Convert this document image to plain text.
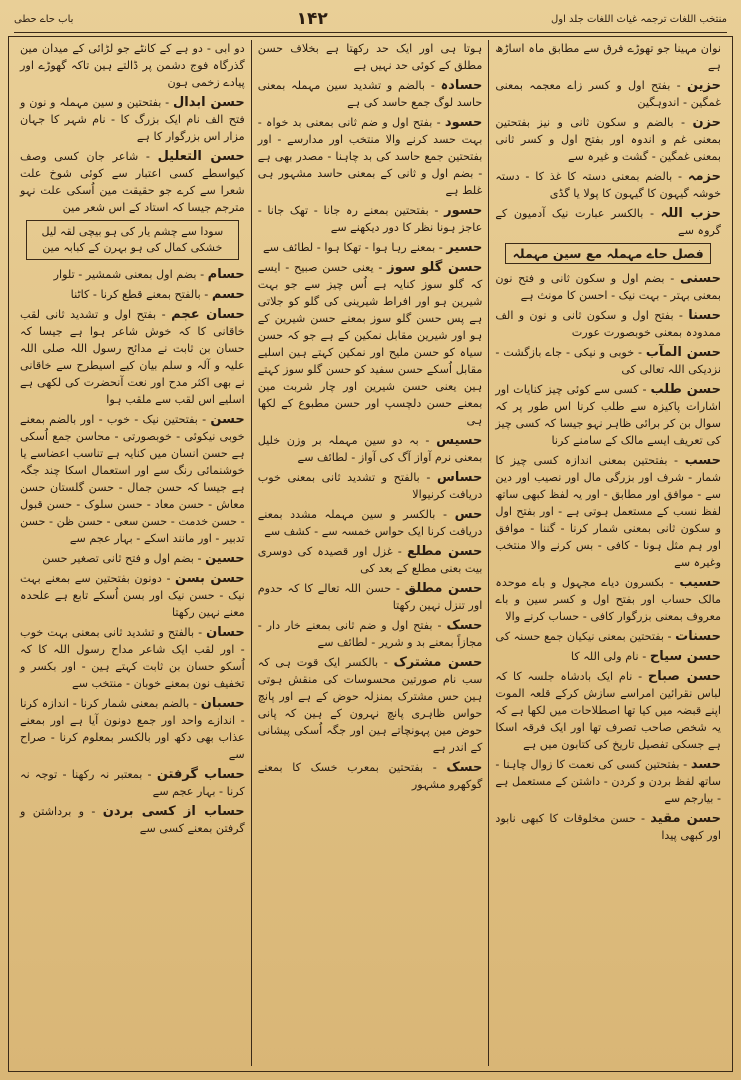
منتخب اللغات ترجمہ غیاث اللغات جلد اول
۱۴۲
باب حاے حطی

نوان مہینا جو تھوڑے فرق سے مطابق ماہ اساڑھ ہے

حزین - بفتح اول و کسر زاے معجمہ بمعنی غمگین - اندوہگین

حزن - بالضم و سکون ثانی و نیز بفتحتین بمعنی غم و اندوہ اور بفتح اول و کسر ثانی بمعنی غمگین - گشت و غیرہ سے

حزمہ - بالضم بمعنی دستہ کا غذ کا - دستہ خوشہ گیہون کا گیہون کا پولا یا گڈی

حزب اللہ - بالکسر عبارت نیک آدمیون کے گروہ سے

فصل حاے مہملہ مع سین مہملہ

حسنی - بضم اول و سکون ثانی و فتح نون بمعنی بہتر - بہت نیک - احسن کا مونث ہے

حسنا - بفتح اول و سکون ثانی و نون و الف ممدودہ بمعنی خوبصورت عورت

حسن المآب - خوبی و نیکی - جاے بازگشت - نزدیکی اللہ تعالی کی

حسن طلب - کسی سے کوئی چیز کنایات اور اشارات پاکیزہ سے طلب کرنا اس طور پر کہ سوال بن کر برائی ظاہر نہو جیسا کہ کسی چیز کی تعریف ایسے مالک کے سامنے کرنا

حسب - بفتحتین بمعنی اندازہ کسی چیز کا شمار - شرف اور بزرگی مال اور نصیب اور دین سے - موافق اور مطابق - اور یہ لفظ کبھی ساتھ لفظ نسب کے مستعمل ہوتی ہے - اور بفتح اول و سکون ثانی بمعنی شمار کرنا - گننا - موافق اور ہم مثل ہونا - کافی - بس کرنے والا منتخب وغیرہ سے

حسیب - بکسرون دیاے مجہول و باے موحدہ مالک حساب اور بفتح اول و کسر سین و باے معروف بمعنی بزرگوار کافی - حساب کرنے والا

حسنات - بفتحتین بمعنی نیکیان جمع حسنہ کی

حسن سیاح - نام ولی اللہ کا

حسن صباح - نام ایک بادشاہ جلسہ کا کہ لباس نقرائین امراسے سازش کرکے قلعہ الموت اپنے قبضہ میں کیا تھا اصطلاحات میں لکھا ہے کہ یہ شخص صاحب تصرف تھا اور ایک فرقہ اسکا ہے جسکی تفصیل تاریخ کی کتابون میں ہے

حسد - بفتحتین کسی کی نعمت کا زوال چاہنا - ساتھ لفظ بردن و کردن - داشتن کے مستعمل ہے - بیارجم سے

حسن مقید - حسن مخلوقات کا کبھی نابود اور کبھی پیدا

ہوتا ہی اور ایک حد رکھتا ہے بخلاف حسن مطلق کے کوئی حد نہیں ہے

حسادہ - بالضم و تشدید سین مہملہ بمعنی حاسد لوگ جمع حاسد کی ہے

حسود - بفتح اول و ضم ثانی بمعنی بد خواہ - بہت حسد کرنے والا منتخب اور مدارسے - اور بفتحتین جمع حاسد کی بد چاہنا - مصدر بھی ہے - بضم اول و ثانی کے بمعنی حاسد مشہور ہی غلط ہے

حسور - بفتحتین بمعنے رہ جانا - تھک جانا - عاجز ہونا نظر کا دور دیکھنے سے

حسیر - بمعنے رہا ہوا - تھکا ہوا - لطائف سے

حسن گلو سوز - یعنی حسن صبیح - ایسے کہ گلو سوز کنایہ ہے اُس چیز سے جو بہت شیرین ہو اور افراط شیرینی کی گلو کو جلاتی ہے پس حسن گلو سوز بمعنے حسن شیرین کے ہو اور شیرین مقابل نمکین کے ہے جو کہ حسن سیاہ کو حسن ملیح اور نمکین کہتے ہین اسلیے مقابل اُسکے حسن سفید کو حسن گلو سوز کہتے ہین یعنی حسن شیرین اور چار شربت مین بمعنے حسن دلچسپ اور حسن مطبوع کے لکھا ہی

حسیس - بہ دو سین مہملہ بر وزن خلیل بمعنی نرم آواز آگ کی آواز - لطائف سے

حساس - بالفتح و تشدید ثانی بمعنی خوب دریافت کرنیوالا

حس - بالکسر و سین مہملہ مشدد بمعنے دریافت کرنا ایک حواس خمسہ سے - کشف سے

حسن مطلع - غزل اور قصیدہ کی دوسری بیت بعنی مطلع کے بعد کی

حسن مطلق - حسن اللہ تعالے کا کہ حدوم اور تنزل نہین رکھتا

حسک - بفتح اول و ضم ثانی بمعنے خار دار - مجازاً بمعنے بد و شریر - لطائف سے

حسن مشترک - بالکسر ایک قوت ہی کہ سب نام صورتین محسوسات کی منقش ہوتی ہین حس مشترک بمنزلہ حوض کے ہے اور پانچ حواس ظاہری پانچ نہرون کے ہین کہ پانی حوض مین پہونچاتے ہین اور جگہ اُسکی پیشانی کے اندر ہے

حسک - بفتحتین بمعرب خسک کا بمعنے گوکھرو مشہور

دو ابی - دو ہے کے کانٹے جو لڑائی کے میدان مین گذرگاہ فوج دشمن پر ڈالتے ہین تاکہ گھوڑے اور پیادے زخمی ہون

حسن ابدال - بفتحتین و سین مہملہ و نون و فتح الف نام ایک بزرگ کا - نام شہر کا جہان مزار اس بزرگوار کا ہے

حسن التعلیل - شاعر جان کسی وصف کیواسطے کسی اعتبار سے کوئی شوخ علت شعرا سے کرے جو حقیقت مین اُسکی علت نہو مترجم جیسا کہ استاد کے اس شعر مین

سودا سے چشم یار کی ہو بیچی لقہ لیل
خشکی کمال کی ہو بہرن کے کبابہ مین

حسام - بضم اول بمعنی شمشیر - تلوار

حسم - بالفتح بمعنے قطع کرنا - کاٹنا

حسان عجم - بفتح اول و تشدید ثانی لقب خاقانی کا کہ خوش شاعر ہوا ہے جیسا کہ حسان بن ثابت نے مدائح رسول اللہ صلی اللہ علیہ و آلہ و سلم بیان کیے اسیطرح سے خاقانی نے بھی اکثر مدح اور نعت آنحضرت کی لکھی ہے اسلیے اس لقب سے ملقب ہوا

حسن - بفتحتین نیک - خوب - اور بالضم بمعنے خوبی نیکوئی - خوبصورتی - محاسن جمع اُسکی ہے حسن انسان میں کنایہ ہے تناسب اعضاسے یا خوشنمائی رنگ سے اور استعمال اسکا چند جگہ ہے جیسا کہ حسن جمال - حسن گلستان حسن معاش - حسن معاد - حسن سلوک - حسن قبول - حسن خدمت - حسن سعی - حسن ظن - حسن تدبیر - اور مانند اسکے - بہار عجم سے

حسین - بضم اول و فتح ثانی تصغیر حسن

حسن بسن - دونون بفتحتین سے بمعنے بہت نیک - حسن نیک اور بسن اُسکے تابع ہے علحدہ معنے نہین رکھتا

حسان - بالفتح و تشدید ثانی بمعنی بہت خوب - اور لقب ایک شاعر مداح رسول اللہ کا کہ اُسکو حسان بن ثابت کہتے ہین - اور بکسر و تخفیف نون بمعنے خوبان - منتخب سے

حسبان - بالضم بمعنی شمار کرنا - اندازہ کرنا - اندازے واحد اور جمع دونون آیا ہے اور بمعنے عذاب بھی دکھ اور بالکسر بمعلوم کرنا - صراح سے

حساب گرفتن - بمعتبر نہ رکھنا - توجہ نہ کرنا - بہار عجم سے

حساب از کسی بردن - و برداشتن و گرفتن بمعنے کسی سے
